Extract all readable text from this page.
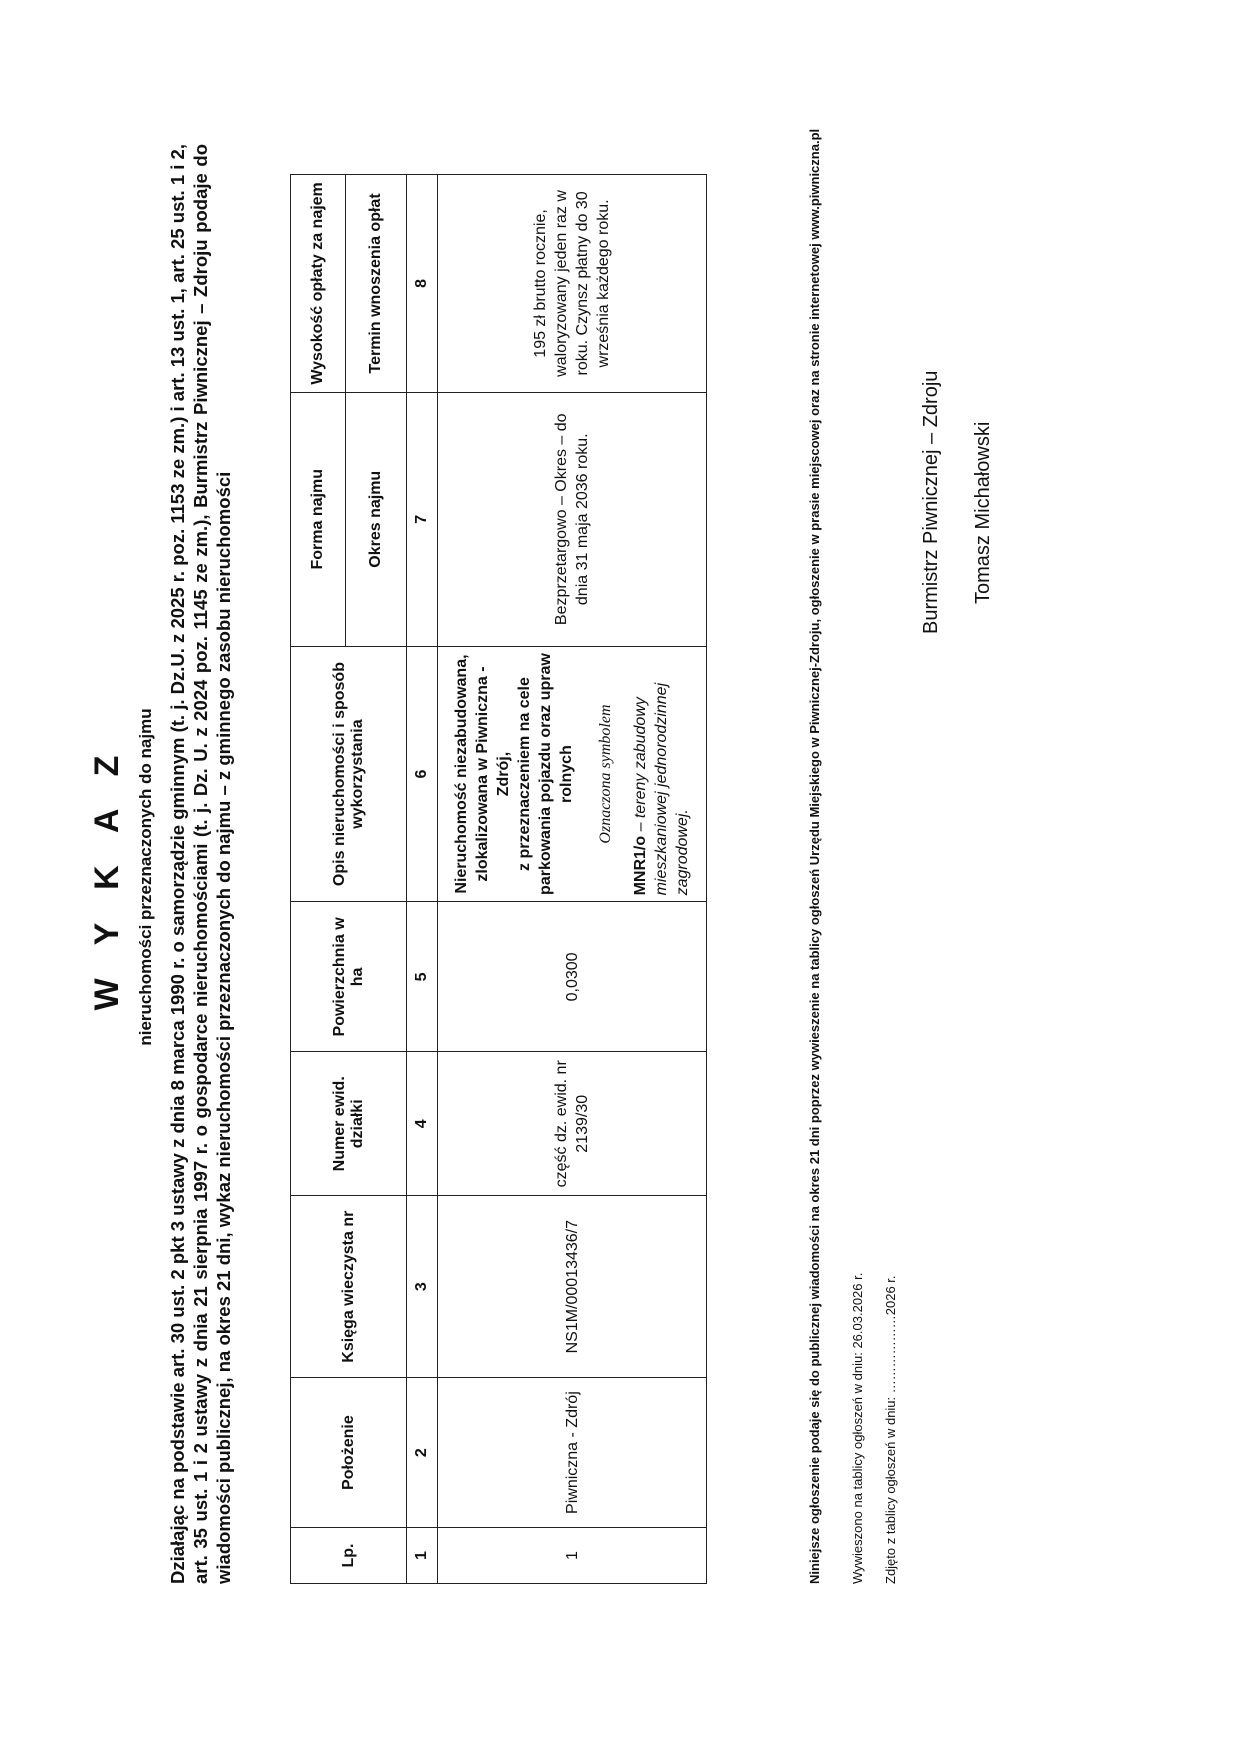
W Y K A Z nieruchomości przeznaczonych do najmu Działając na podstawie art. 30 ust. 2 pkt 3 ustawy z dnia 8 marca 1990 r. o samorządzie gminnym (t. j. Dz.U. z 2025 r. poz. 1153 ze zm.) i art. 13 ust. 1, art. 25 ust. 1 i 2, art. 35 ust. 1 i 2 ustawy z dnia 21 sierpnia 1997 r. o gospodarce nieruchomościami (t. j. Dz. U. z 2024 poz. 1145 ze zm.), Burmistrz Piwnicznej – Zdroju podaje do wiadomości publicznej, na okres 21 dni, wykaz nieruchomości przeznaczonych do najmu – z gminnego zasobu nieruchomości	Lp.	Położenie	Księga wieczysta nr	Numer ewid. działki	Powierzchnia w ha	Opis nieruchomości i sposób wykorzystania	Forma najmu	Wysokość opłaty za najem
						Okres najmu	Termin wnoszenia opłat
1	2	3	4	5	6	7	8
1	Piwniczna - Zdrój	NS1M/00013436/7	część dz. ewid. nr 2139/30	0,0300	Nieruchomość niezabudowana, zlokalizowana w Piwniczna - Zdrój, z przeznaczeniem na cele parkowania pojazdu oraz upraw rolnych Oznaczona symbolem
MNR1/o – tereny zabudowy mieszkaniowej jednorodzinnej zagrodowej.	Bezprzetargowo – Okres – do dnia 31 maja 2036 roku.	195 zł brutto rocznie, waloryzowany jeden raz w roku. Czynsz płatny do 30 września każdego roku.	Niniejsze ogłoszenie podaje się do publicznej wiadomości na okres 21 dni poprzez wywieszenie na tablicy ogłoszeń Urzędu Miejskiego w Piwnicznej-Zdroju, ogłoszenie w prasie miejscowej oraz na stronie internetowej www.piwniczna.pl Wywieszono na tablicy ogłoszeń w dniu: 26.03.2026 r. Zdjęto z tablicy ogłoszeń w dniu: ………………2026 r.
Burmistrz Piwnicznej – Zdroju Tomasz Michałowski
